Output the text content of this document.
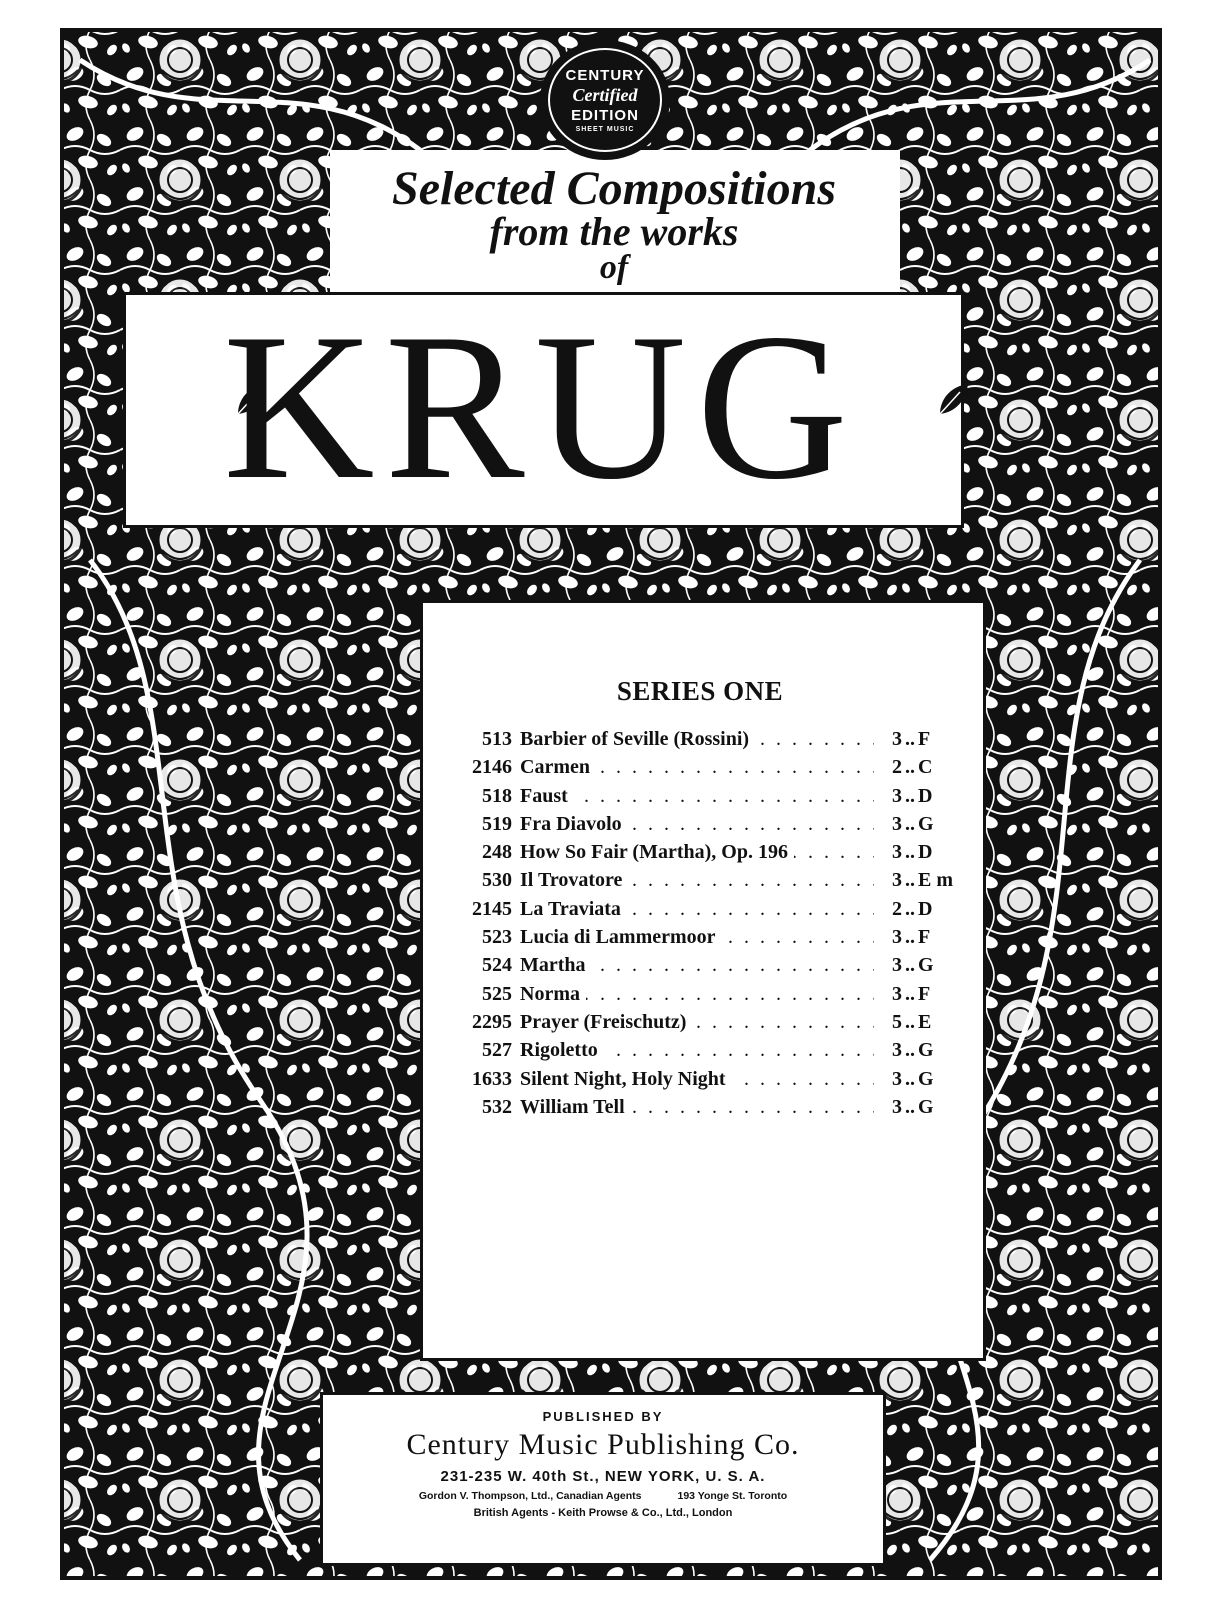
CENTURY
Certified
EDITION
SHEET MUSIC
Selected Compositions
from the works
of
KRUG
SERIES ONE
513 Barbier of Seville (Rossini) . . .	3 .. F
2146 Carmen . . .	2 .. C
518 Faust . . .	3 .. D
519 Fra Diavolo . . .	3 .. G
248 How So Fair (Martha), Op. 196 . . .	3 .. D
530 Il Trovatore . . .	3 .. E m
2145 La Traviata . . .	2 .. D
523 Lucia di Lammermoor . . .	3 .. F
524 Martha . . .	3 .. G
525 Norma . . .	3 .. F
2295 Prayer (Freischutz) . . .	5 .. E
527 Rigoletto . . .	3 .. G
1633 Silent Night, Holy Night . . .	3 .. G
532 William Tell . . .	3 .. G
PUBLISHED BY
Century Music Publishing Co.
231-235 W. 40th St., NEW YORK, U. S. A.
Gordon V. Thompson, Ltd., Canadian Agents	193 Yonge St. Toronto
British Agents - Keith Prowse & Co., Ltd., London
